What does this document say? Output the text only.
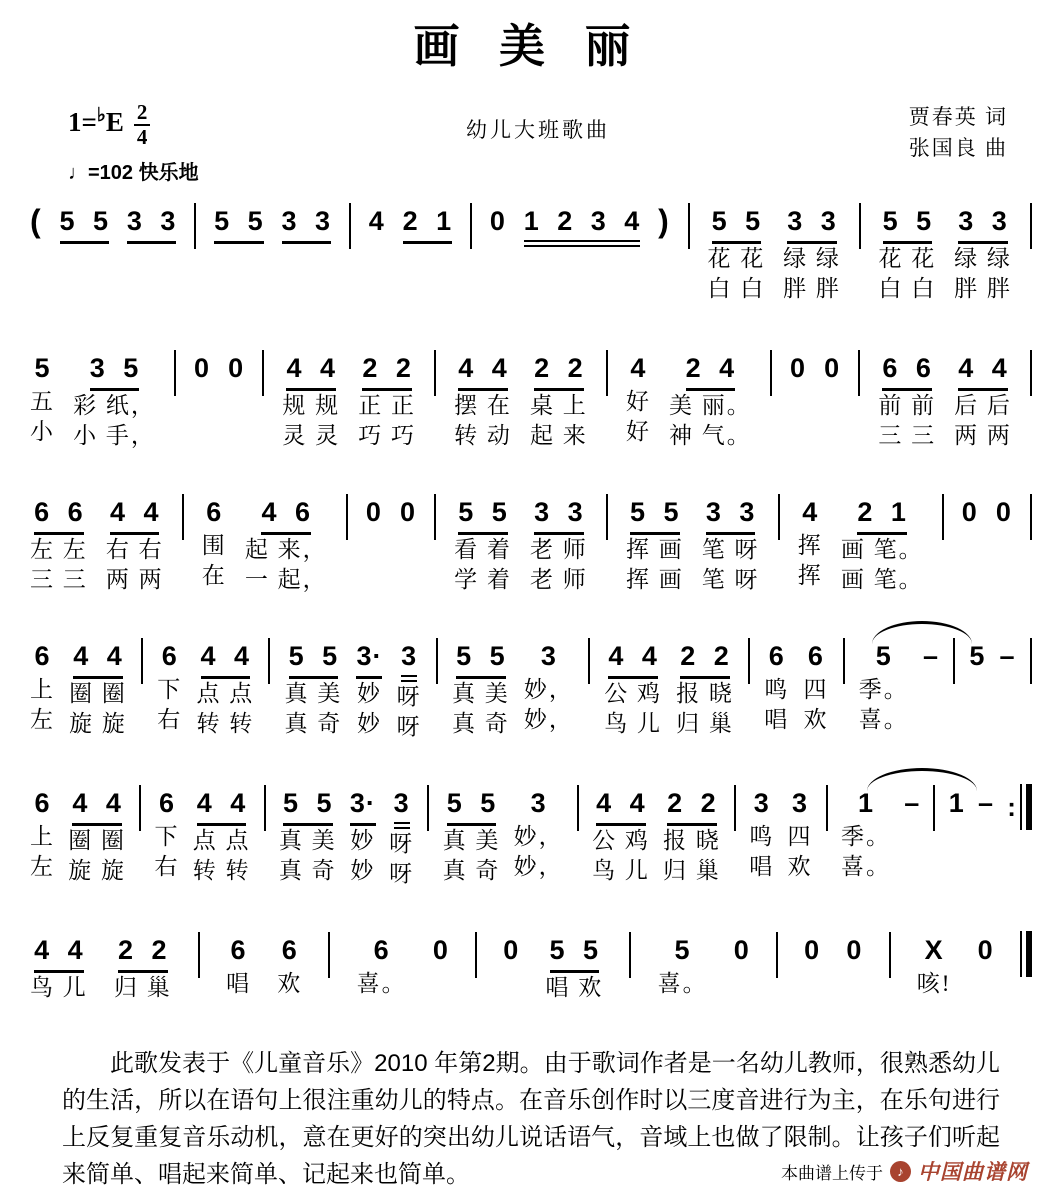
画 美 丽
$1=^♭E \frac{2}{4}$
♩=102 快乐地
幼儿大班歌曲
贾春英 词
张国良 曲
( 5 5 3 3 5 5 3 3 4 2 1 0 1 2 3 4 ) 5 5
花 花
白 白
3 3
绿 绿
胖 胖
5 5
花 花
白 白
3 3
绿 绿
胖 胖
5
五
小
3 5
彩 纸，
小 手，
0 0 4 4
规 规
灵 灵
2 2
正 正
巧 巧
4 4
摆 在
转 动
2 2
桌 上
起 来
4
好
好
2 4
美 丽。
神 气。
0 0 6 6
前 前
三 三
4 4
后 后
两 两
6 6
左 左
三 三
4 4
右 右
两 两
6
围
在
4 6
起 来，
一 起，
0 0 5 5
看 着
学 着
3 3
老 师
老 师
5 5
挥 画
挥 画
3 3
笔 呀
笔 呀
4
挥
挥
2 1
画 笔。
画 笔。
0 0
6
上
左
4 4
圈 圈
旋 旋
6
下
右
4 4
点 点
转 转
5 5
真 美
真 奇
3·
妙
妙
3
呀
呀
5 5
真 美
真 奇
3
妙，
妙，
4 4
公 鸡
鸟 儿
2 2
报 晓
归 巢
6
鸣
唱
6
四
欢
5
季。
喜。
– 5 –
6
上
左
4 4
圈 圈
旋 旋
6
下
右
4 4
点 点
转 转
5 5
真 美
真 奇
3·
妙
妙
3
呀
呀
5 5
真 美
真 奇
3
妙，
妙，
4 4
公 鸡
鸟 儿
2 2
报 晓
归 巢
3
鸣
唱
3
四
欢
1
季。
喜。
– 1 – :
4 4
鸟 儿
2 2
归 巢
6
唱
6
欢
6
喜。
0 0 5 5
唱 欢
5
喜。
0 0 0 X
咳!
0
此歌发表于《儿童音乐》2010 年第2期。由于歌词作者是一名幼儿教师，很熟悉幼儿的生活，所以在语句上很注重幼儿的特点。在音乐创作时以三度音进行为主，在乐句进行上反复重复音乐动机，意在更好的突出幼儿说话语气，音域上也做了限制。让孩子们听起来简单、唱起来简单、记起来也简单。	本曲谱上传于	♪ 中国曲谱网
